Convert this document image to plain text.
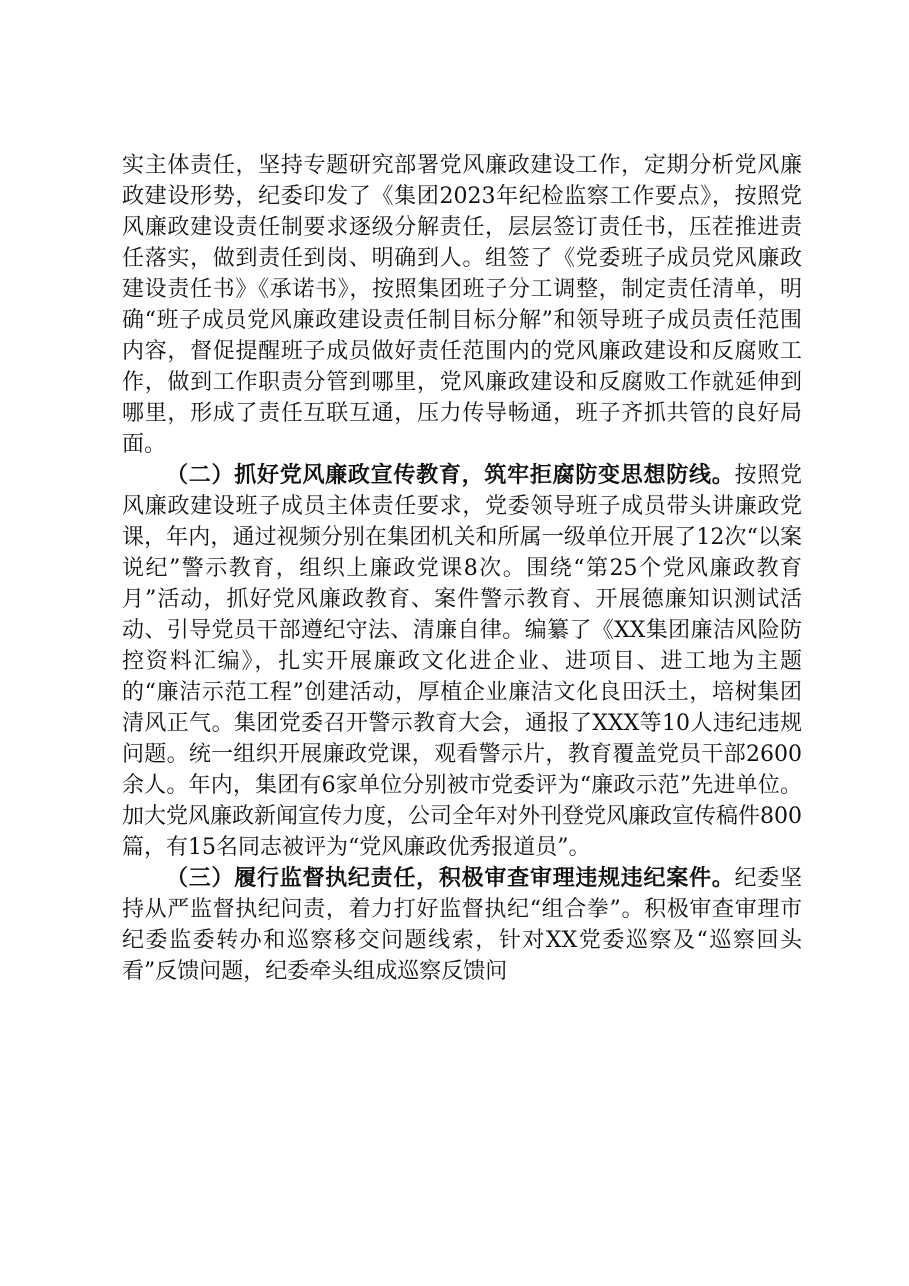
实主体责任，坚持专题研究部署党风廉政建设工作，定期分析党风廉政建设形势，纪委印发了《集团2023年纪检监察工作要点》，按照党风廉政建设责任制要求逐级分解责任，层层签订责任书，压茬推进责任落实，做到责任到岗、明确到人。组签了《党委班子成员党风廉政建设责任书》《承诺书》，按照集团班子分工调整，制定责任清单，明确“班子成员党风廉政建设责任制目标分解”和领导班子成员责任范围内容，督促提醒班子成员做好责任范围内的党风廉政建设和反腐败工作，做到工作职责分管到哪里，党风廉政建设和反腐败工作就延伸到哪里，形成了责任互联互通，压力传导畅通，班子齐抓共管的良好局面。

（二）抓好党风廉政宣传教育，筑牢拒腐防变思想防线。按照党风廉政建设班子成员主体责任要求，党委领导班子成员带头讲廉政党课，年内，通过视频分别在集团机关和所属一级单位开展了12次“以案说纪”警示教育，组织上廉政党课8次。围绕“第25个党风廉政教育月”活动，抓好党风廉政教育、案件警示教育、开展德廉知识测试活动、引导党员干部遵纪守法、清廉自律。编纂了《XX集团廉洁风险防控资料汇编》，扎实开展廉政文化进企业、进项目、进工地为主题的“廉洁示范工程”创建活动，厚植企业廉洁文化良田沃土，培树集团清风正气。集团党委召开警示教育大会，通报了XXX等10人违纪违规问题。统一组织开展廉政党课，观看警示片，教育覆盖党员干部2600余人。年内，集团有6家单位分别被市党委评为“廉政示范”先进单位。加大党风廉政新闻宣传力度，公司全年对外刊登党风廉政宣传稿件800篇，有15名同志被评为“党风廉政优秀报道员”。

（三）履行监督执纪责任，积极审查审理违规违纪案件。纪委坚持从严监督执纪问责，着力打好监督执纪“组合拳”。积极审查审理市纪委监委转办和巡察移交问题线索，针对XX党委巡察及“巡察回头看”反馈问题，纪委牵头组成巡察反馈问
